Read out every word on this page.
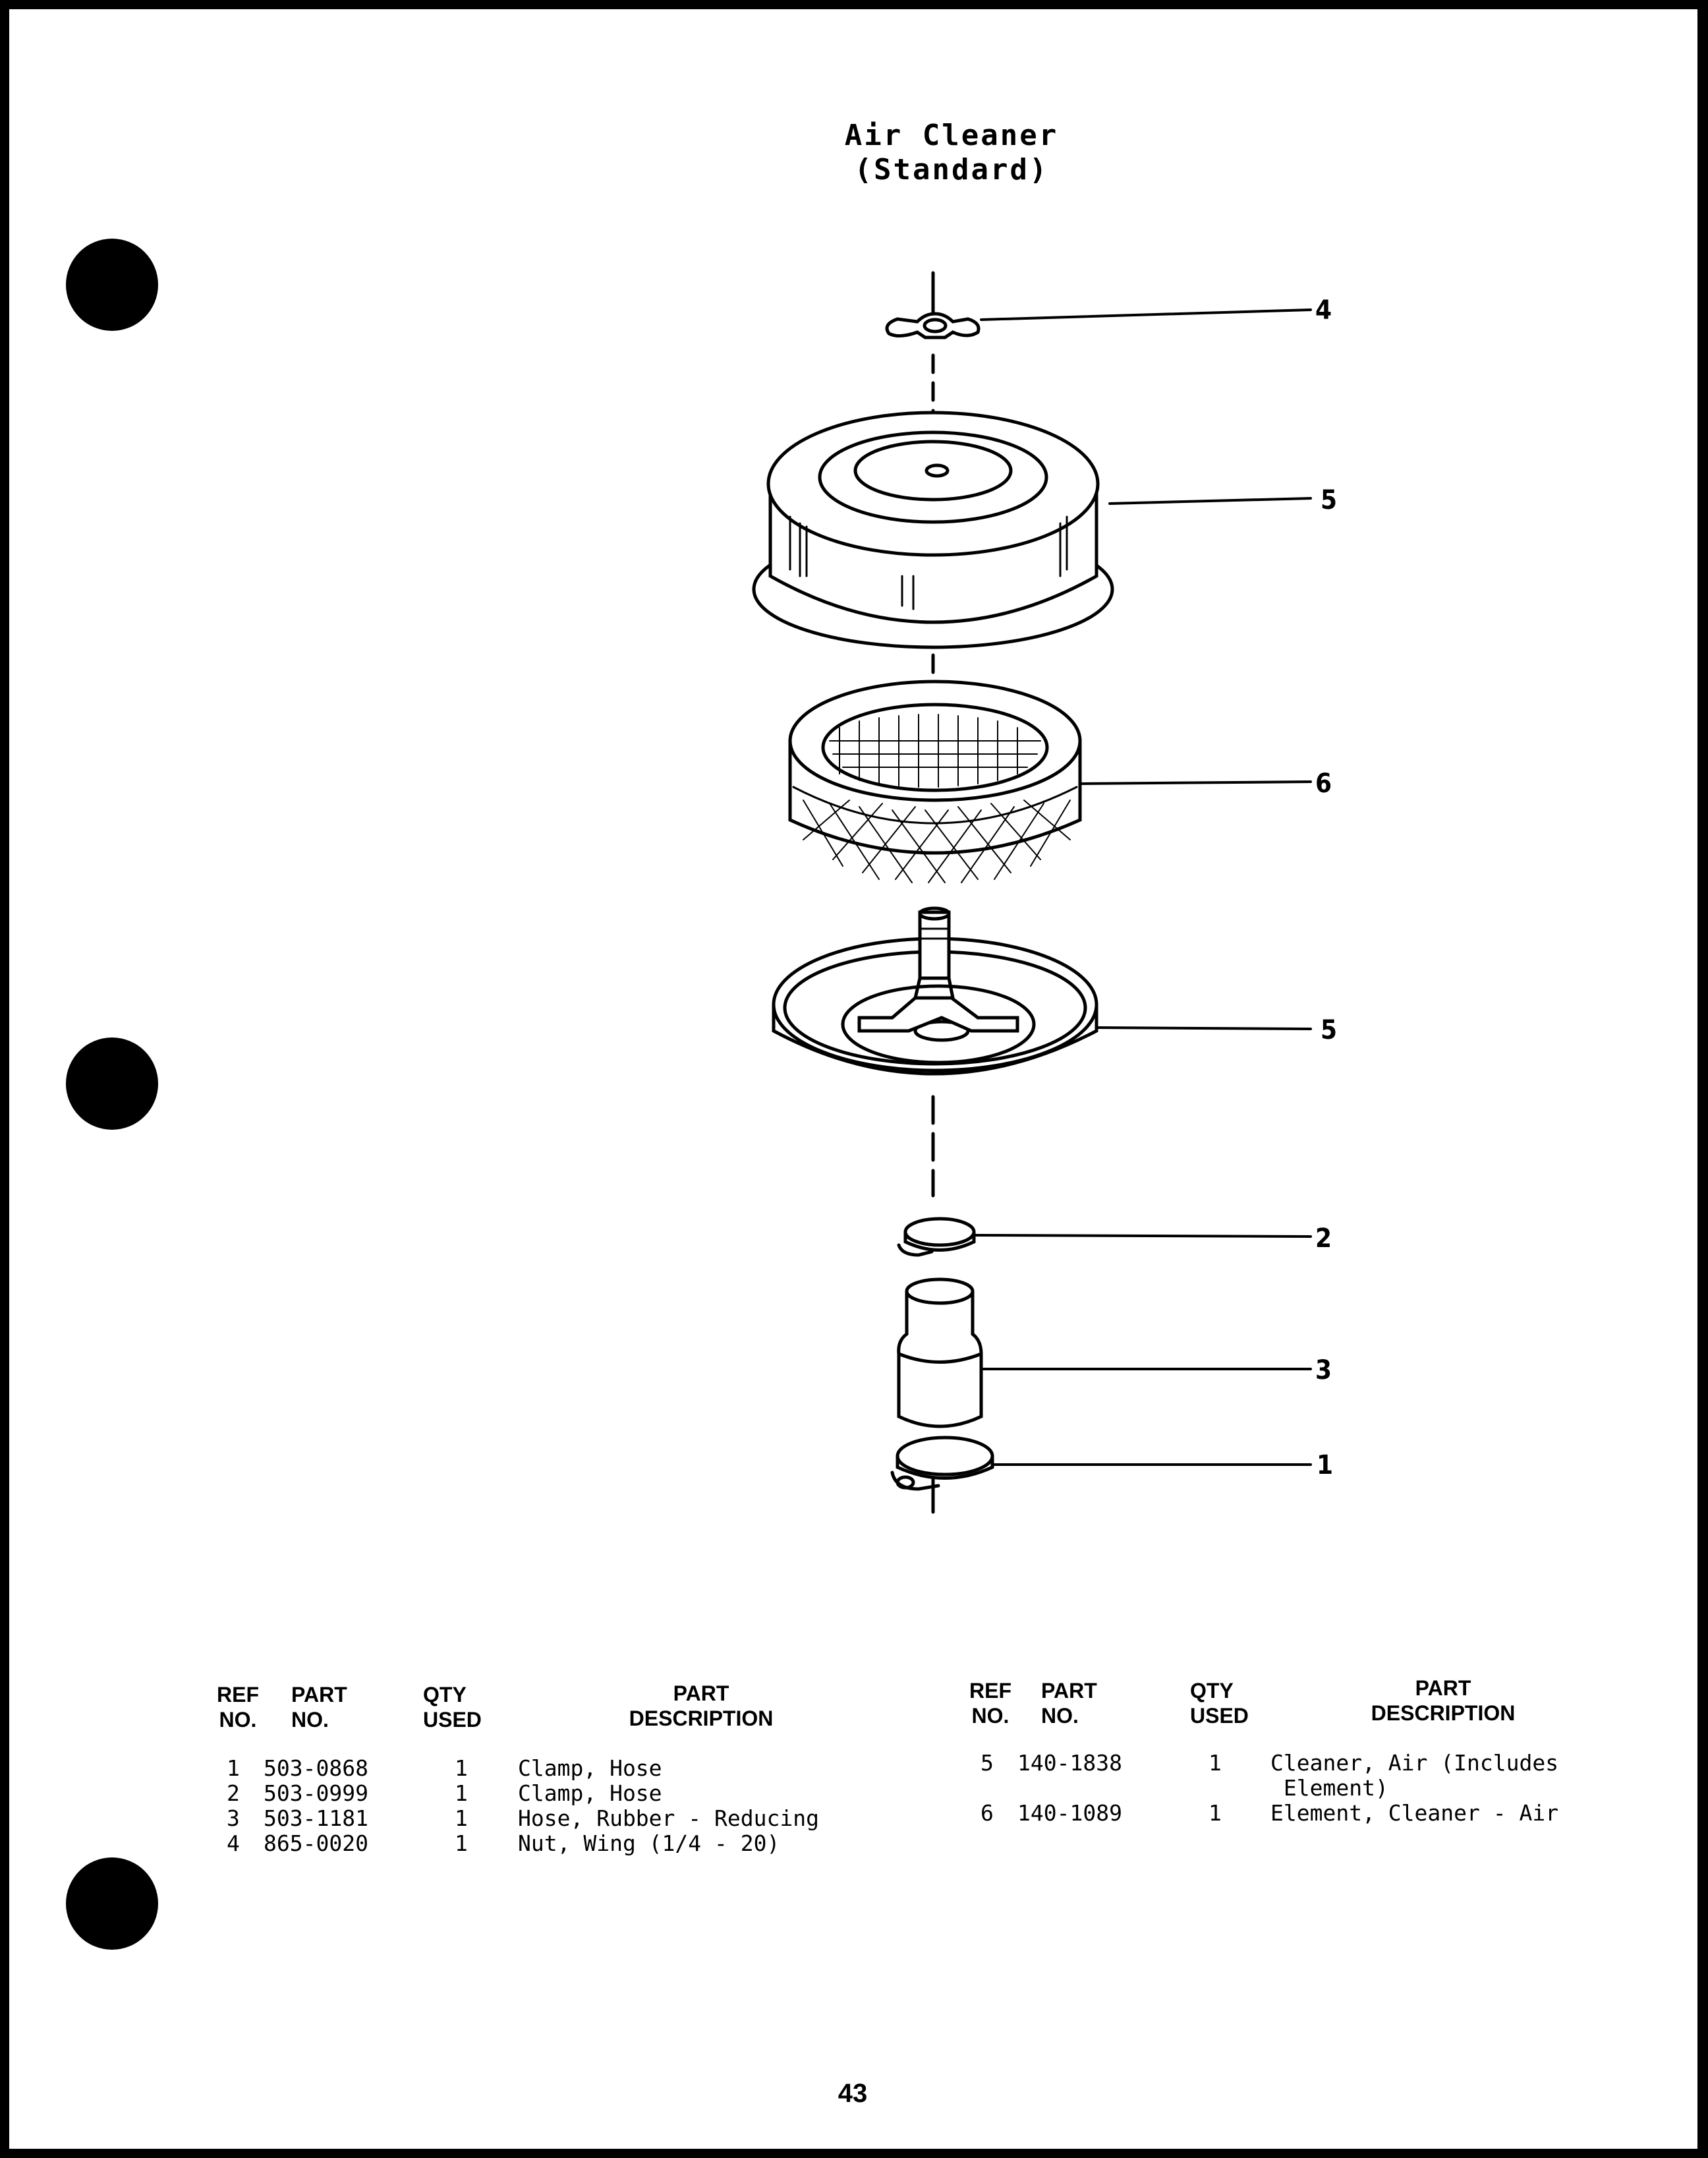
Air Cleaner
(Standard)
4
5
6
5
2
3
1
REF
NO.
PART
NO.
QTY
USED
PART
DESCRIPTION
1 503-0868	1 Clamp, Hose
2 503-0999	1 Clamp, Hose
3 503-1181	1 Hose, Rubber - Reducing
4 865-0020	1 Nut, Wing (1/4 - 20)
REF
NO.
PART
NO.
QTY
USED
PART
DESCRIPTION
5 140-1838	1 Cleaner, Air (Includes
Element)
6 140-1089	1 Element, Cleaner - Air
43
